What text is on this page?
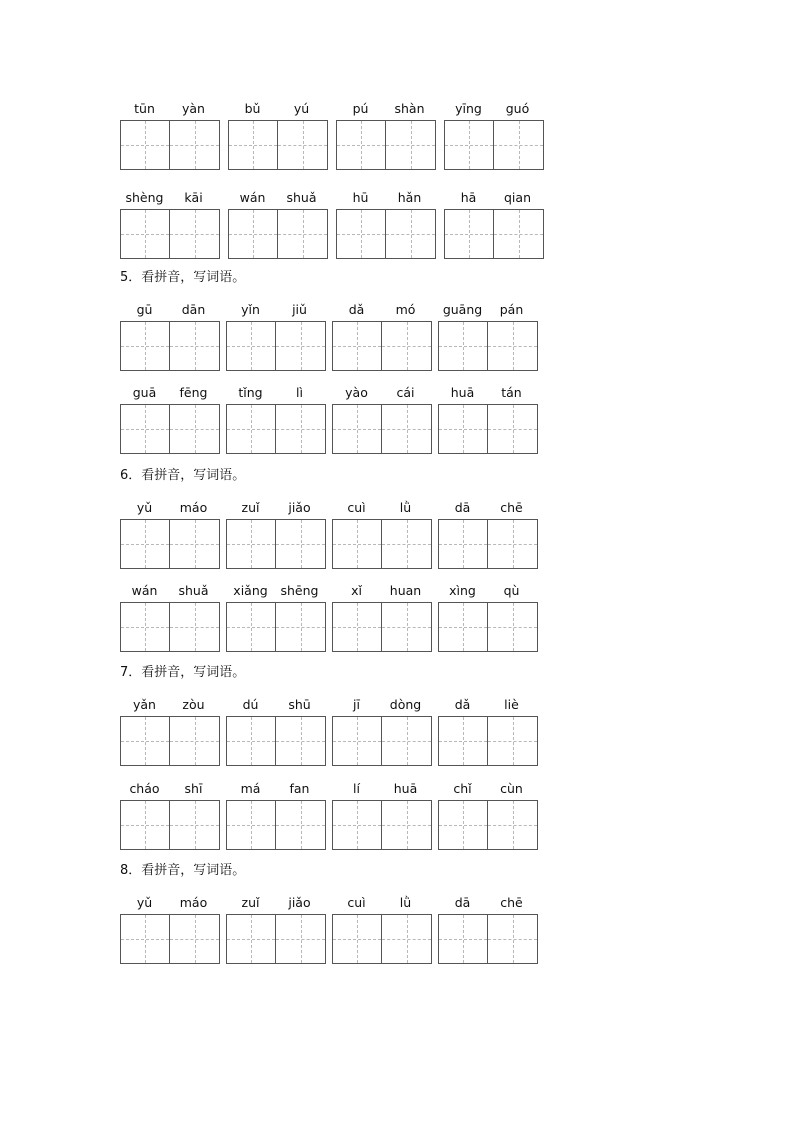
tūn	yàn	bǔ	yú	pú	shàn	yīng	guó
shèng	kāi	wán	shuǎ	hū	hǎn	hā	qian
5．看拼音，写词语。
gū	dān	yǐn	jiǔ	dǎ	mó	guāng	pán
guā	fēng	tǐng	lì	yào	cái	huā	tán
6．看拼音，写词语。
yǔ	máo	zuǐ	jiǎo	cuì	lǜ	dā	chē
wán	shuǎ	xiǎng	shēng	xǐ	huan	xìng	qù
7．看拼音，写词语。
yǎn	zòu	dú	shū	jī	dòng	dǎ	liè
cháo	shī	má	fan	lí	huā	chǐ	cùn
8．看拼音，写词语。
yǔ	máo	zuǐ	jiǎo	cuì	lǜ	dā	chē
